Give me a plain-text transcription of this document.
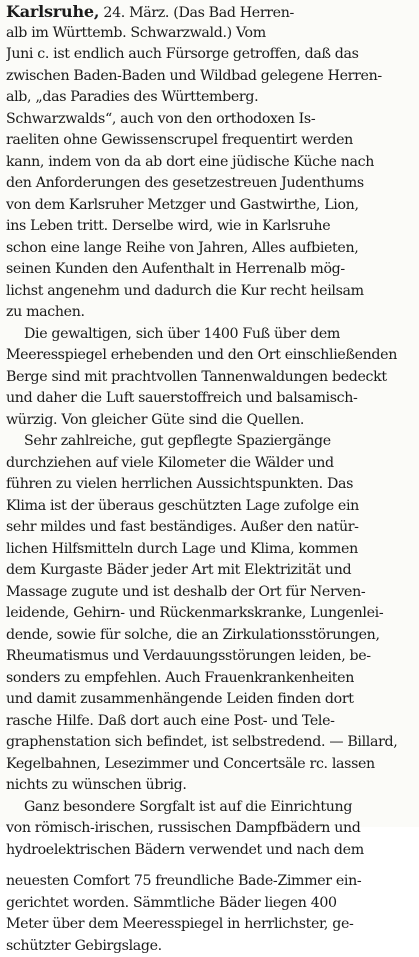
Karlsruhe, 24. März. (Das Bad Herren-
alb im Württemb. Schwarzwald.) Vom
Juni c. ist endlich auch Fürsorge getroffen, daß das
zwischen Baden-Baden und Wildbad gelegene Herren-
alb, „das Paradies des Württemberg.
Schwarzwalds“, auch von den orthodoxen Is-
raeliten ohne Gewissenscrupel frequentirt werden
kann, indem von da ab dort eine jüdische Küche nach
den Anforderungen des gesetzestreuen Judenthums
von dem Karlsruher Metzger und Gastwirthe, Lion,
ins Leben tritt. Derselbe wird, wie in Karlsruhe
schon eine lange Reihe von Jahren, Alles aufbieten,
seinen Kunden den Aufenthalt in Herrenalb mög-
lichst angenehm und dadurch die Kur recht heilsam
zu machen.
Die gewaltigen, sich über 1400 Fuß über dem
Meeresspiegel erhebenden und den Ort einschließenden
Berge sind mit prachtvollen Tannenwaldungen bedeckt
und daher die Luft sauerstoffreich und balsamisch-
würzig. Von gleicher Güte sind die Quellen.
Sehr zahlreiche, gut gepflegte Spaziergänge
durchziehen auf viele Kilometer die Wälder und
führen zu vielen herrlichen Aussichtspunkten. Das
Klima ist der überaus geschützten Lage zufolge ein
sehr mildes und fast beständiges. Außer den natür-
lichen Hilfsmitteln durch Lage und Klima, kommen
dem Kurgaste Bäder jeder Art mit Elektrizität und
Massage zugute und ist deshalb der Ort für Nerven-
leidende, Gehirn- und Rückenmarkskranke, Lungenlei-
dende, sowie für solche, die an Zirkulationsstörungen,
Rheumatismus und Verdauungsstörungen leiden, be-
sonders zu empfehlen. Auch Frauenkrankenheiten
und damit zusammenhängende Leiden finden dort
rasche Hilfe. Daß dort auch eine Post- und Tele-
graphenstation sich befindet, ist selbstredend. — Billard,
Kegelbahnen, Lesezimmer und Concertsäle rc. lassen
nichts zu wünschen übrig.
Ganz besondere Sorgfalt ist auf die Einrichtung
von römisch-irischen, russischen Dampfbädern und
hydroelektrischen Bädern verwendet und nach dem
neuesten Comfort 75 freundliche Bade-Zimmer ein-
gerichtet worden. Sämmtliche Bäder liegen 400
Meter über dem Meeresspiegel in herrlichster, ge-
schützter Gebirgslage.
